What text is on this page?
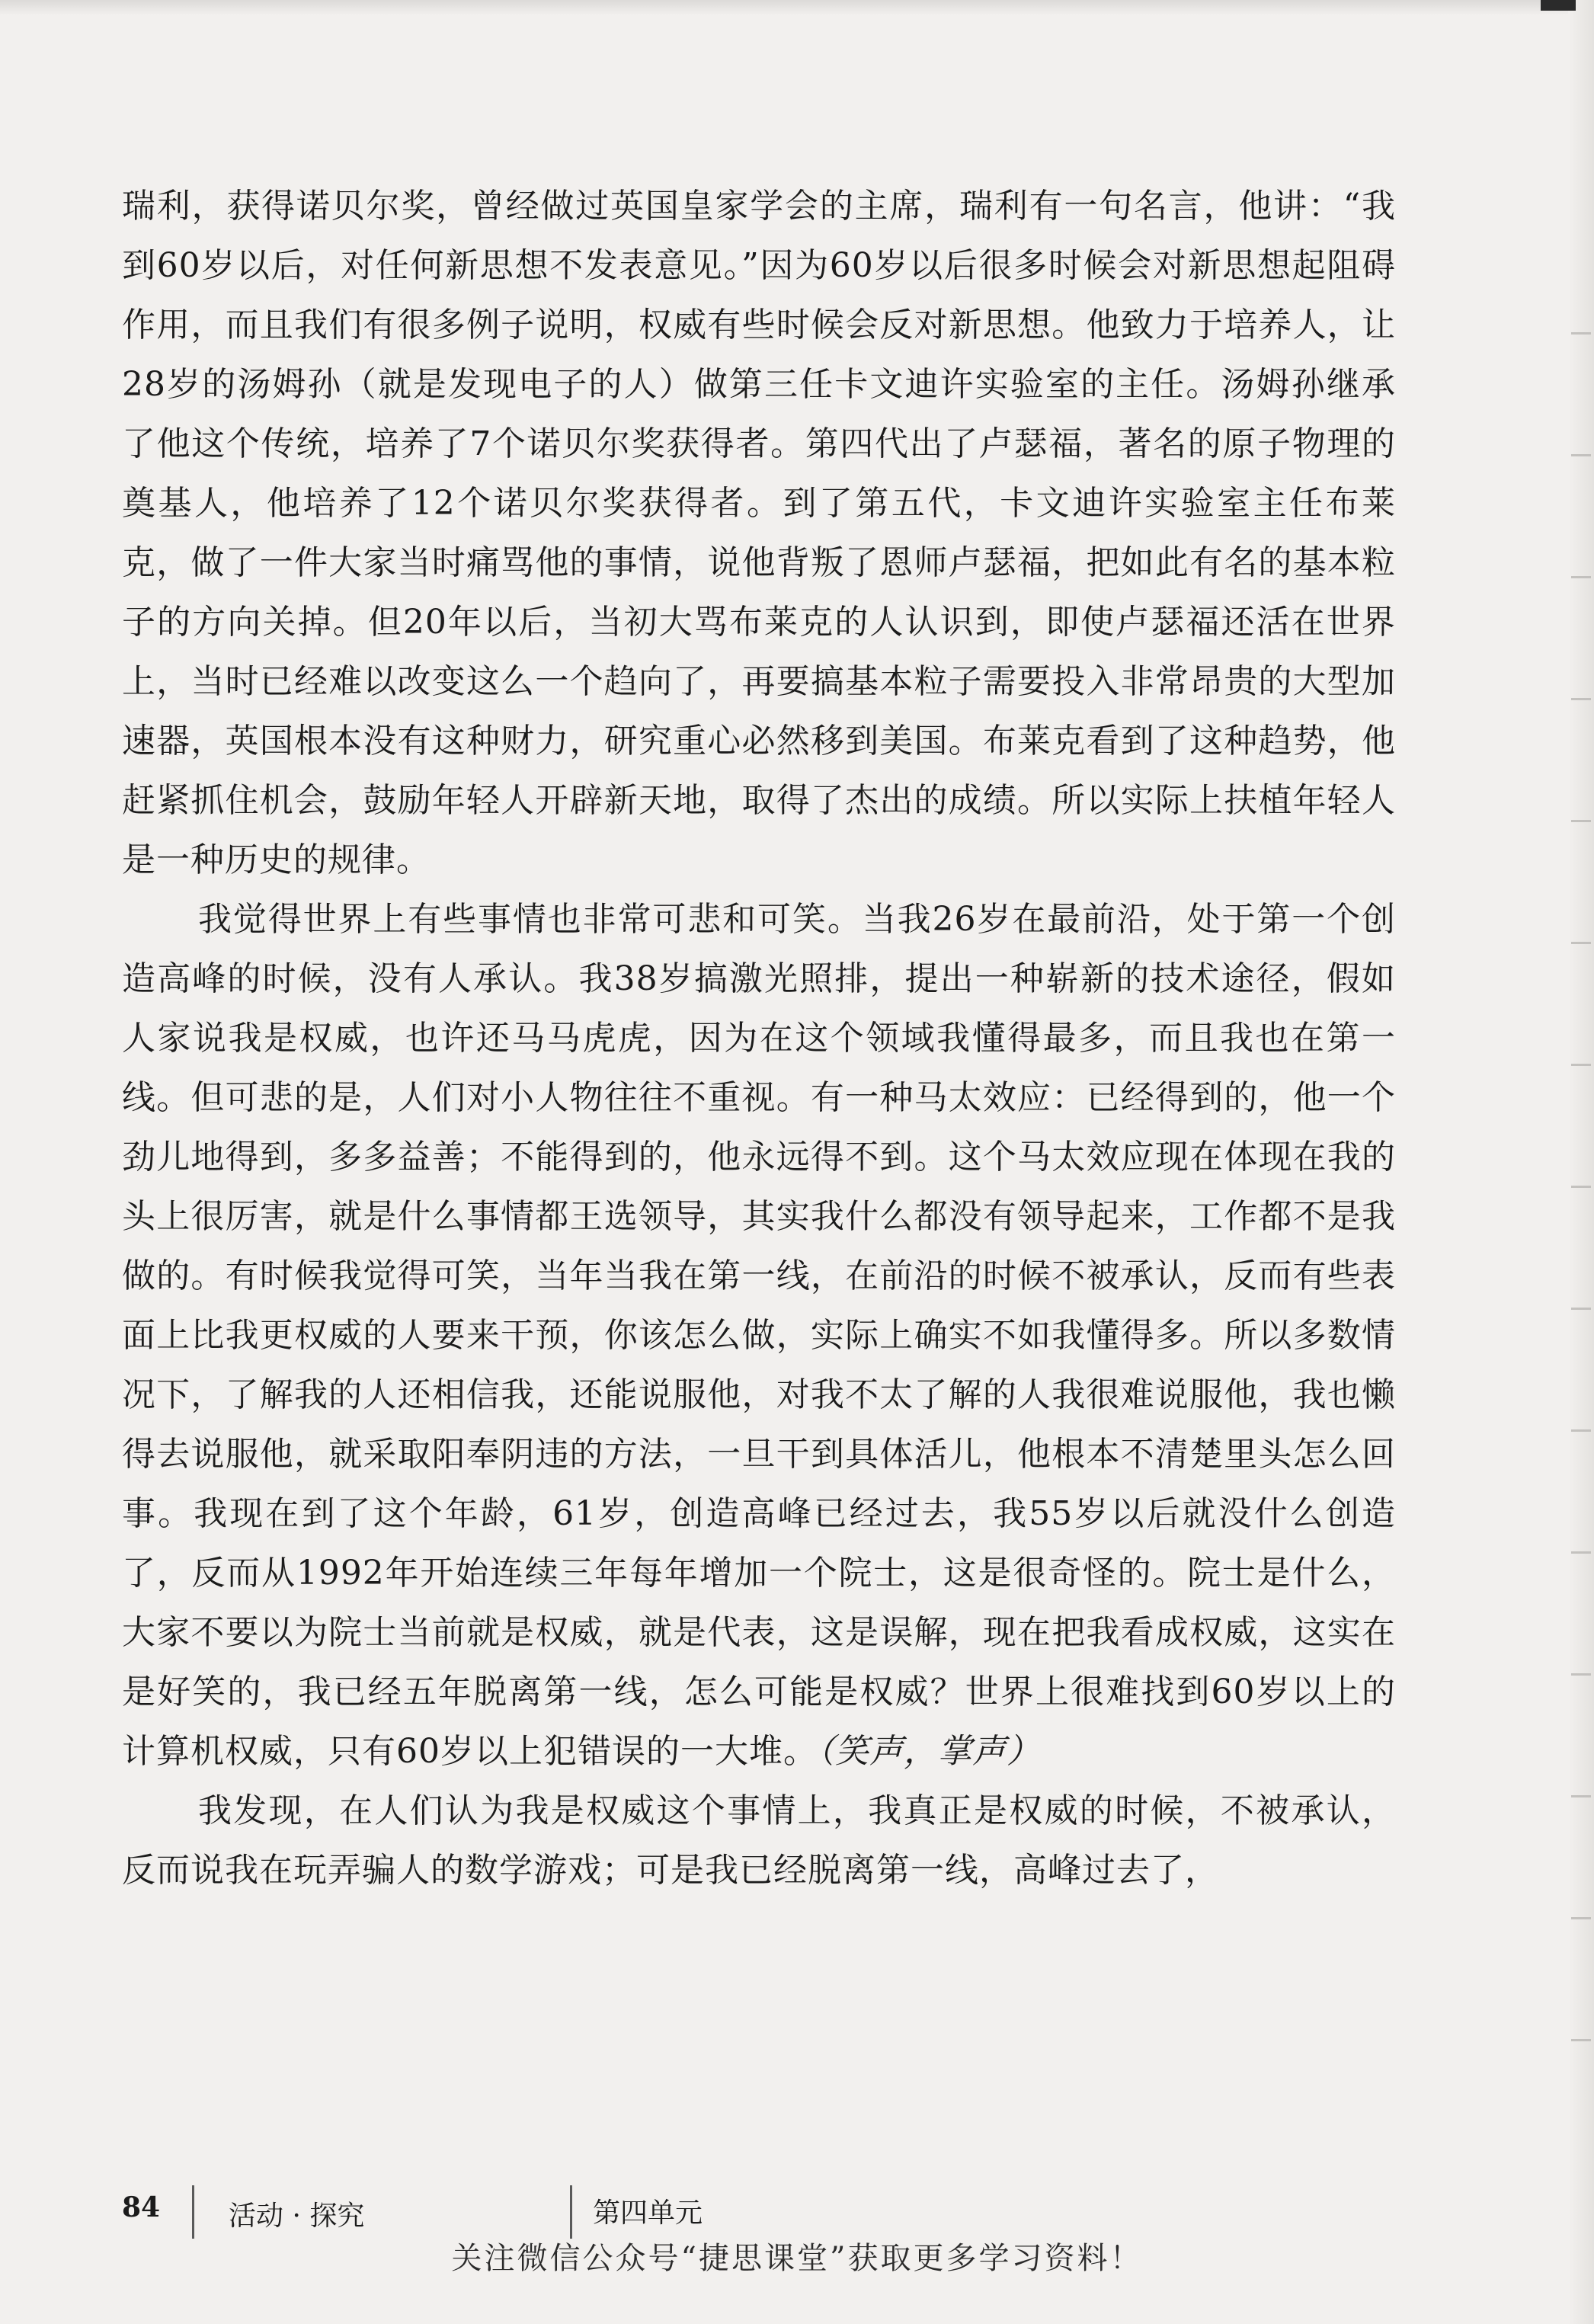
瑞利，获得诺贝尔奖，曾经做过英国皇家学会的主席，瑞利有一句名言，他讲：“我到60岁以后，对任何新思想不发表意见。”因为60岁以后很多时候会对新思想起阻碍作用，而且我们有很多例子说明，权威有些时候会反对新思想。他致力于培养人，让28岁的汤姆孙（就是发现电子的人）做第三任卡文迪许实验室的主任。汤姆孙继承了他这个传统，培养了7个诺贝尔奖获得者。第四代出了卢瑟福，著名的原子物理的奠基人，他培养了12个诺贝尔奖获得者。到了第五代，卡文迪许实验室主任布莱克，做了一件大家当时痛骂他的事情，说他背叛了恩师卢瑟福，把如此有名的基本粒子的方向关掉。但20年以后，当初大骂布莱克的人认识到，即使卢瑟福还活在世界上，当时已经难以改变这么一个趋向了，再要搞基本粒子需要投入非常昂贵的大型加速器，英国根本没有这种财力，研究重心必然移到美国。布莱克看到了这种趋势，他赶紧抓住机会，鼓励年轻人开辟新天地，取得了杰出的成绩。所以实际上扶植年轻人是一种历史的规律。

我觉得世界上有些事情也非常可悲和可笑。当我26岁在最前沿，处于第一个创造高峰的时候，没有人承认。我38岁搞激光照排，提出一种崭新的技术途径，假如人家说我是权威，也许还马马虎虎，因为在这个领域我懂得最多，而且我也在第一线。但可悲的是，人们对小人物往往不重视。有一种马太效应：已经得到的，他一个劲儿地得到，多多益善；不能得到的，他永远得不到。这个马太效应现在体现在我的头上很厉害，就是什么事情都王选领导，其实我什么都没有领导起来，工作都不是我做的。有时候我觉得可笑，当年当我在第一线，在前沿的时候不被承认，反而有些表面上比我更权威的人要来干预，你该怎么做，实际上确实不如我懂得多。所以多数情况下，了解我的人还相信我，还能说服他，对我不太了解的人我很难说服他，我也懒得去说服他，就采取阳奉阴违的方法，一旦干到具体活儿，他根本不清楚里头怎么回事。我现在到了这个年龄，61岁，创造高峰已经过去，我55岁以后就没什么创造了，反而从1992年开始连续三年每年增加一个院士，这是很奇怪的。院士是什么，大家不要以为院士当前就是权威，就是代表，这是误解，现在把我看成权威，这实在是好笑的，我已经五年脱离第一线，怎么可能是权威？世界上很难找到60岁以上的计算机权威，只有60岁以上犯错误的一大堆。（笑声，掌声）

我发现，在人们认为我是权威这个事情上，我真正是权威的时候，不被承认，反而说我在玩弄骗人的数学游戏；可是我已经脱离第一线，高峰过去了，

84 活动 · 探究	第四单元
关注微信公众号“捷思课堂”获取更多学习资料！
